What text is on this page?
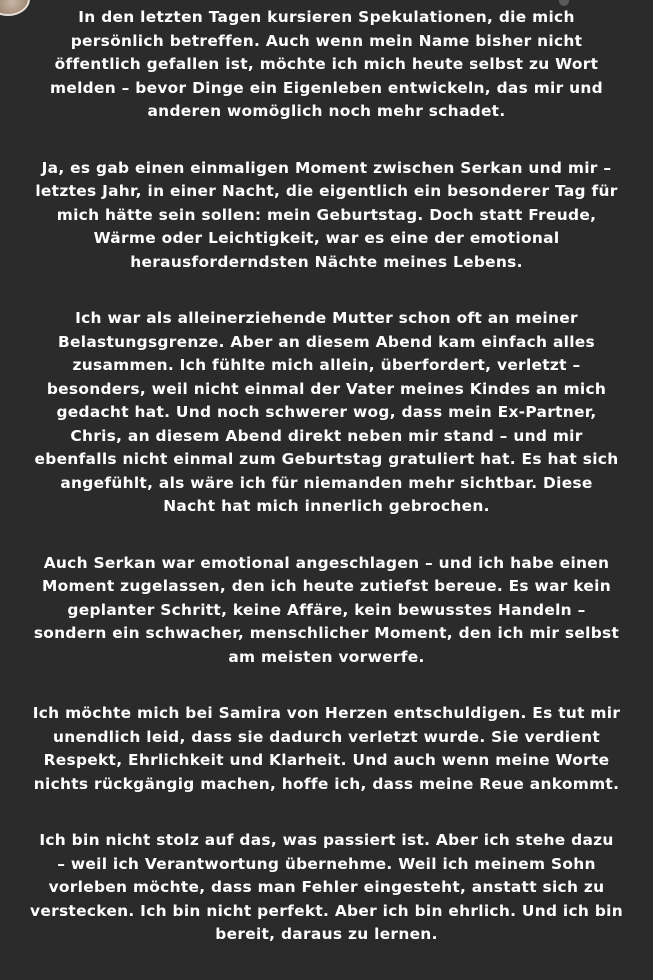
In den letzten Tagen kursieren Spekulationen, die mich
persönlich betreffen. Auch wenn mein Name bisher nicht
öffentlich gefallen ist, möchte ich mich heute selbst zu Wort
melden – bevor Dinge ein Eigenleben entwickeln, das mir und
anderen womöglich noch mehr schadet.

Ja, es gab einen einmaligen Moment zwischen Serkan und mir –
letztes Jahr, in einer Nacht, die eigentlich ein besonderer Tag für
mich hätte sein sollen: mein Geburtstag. Doch statt Freude,
Wärme oder Leichtigkeit, war es eine der emotional
herausforderndsten Nächte meines Lebens.

Ich war als alleinerziehende Mutter schon oft an meiner
Belastungsgrenze. Aber an diesem Abend kam einfach alles
zusammen. Ich fühlte mich allein, überfordert, verletzt –
besonders, weil nicht einmal der Vater meines Kindes an mich
gedacht hat. Und noch schwerer wog, dass mein Ex-Partner,
Chris, an diesem Abend direkt neben mir stand – und mir
ebenfalls nicht einmal zum Geburtstag gratuliert hat. Es hat sich
angefühlt, als wäre ich für niemanden mehr sichtbar. Diese
Nacht hat mich innerlich gebrochen.

Auch Serkan war emotional angeschlagen – und ich habe einen
Moment zugelassen, den ich heute zutiefst bereue. Es war kein
geplanter Schritt, keine Affäre, kein bewusstes Handeln –
sondern ein schwacher, menschlicher Moment, den ich mir selbst
am meisten vorwerfe.

Ich möchte mich bei Samira von Herzen entschuldigen. Es tut mir
unendlich leid, dass sie dadurch verletzt wurde. Sie verdient
Respekt, Ehrlichkeit und Klarheit. Und auch wenn meine Worte
nichts rückgängig machen, hoffe ich, dass meine Reue ankommt.

Ich bin nicht stolz auf das, was passiert ist. Aber ich stehe dazu
– weil ich Verantwortung übernehme. Weil ich meinem Sohn
vorleben möchte, dass man Fehler eingesteht, anstatt sich zu
verstecken. Ich bin nicht perfekt. Aber ich bin ehrlich. Und ich bin
bereit, daraus zu lernen.
